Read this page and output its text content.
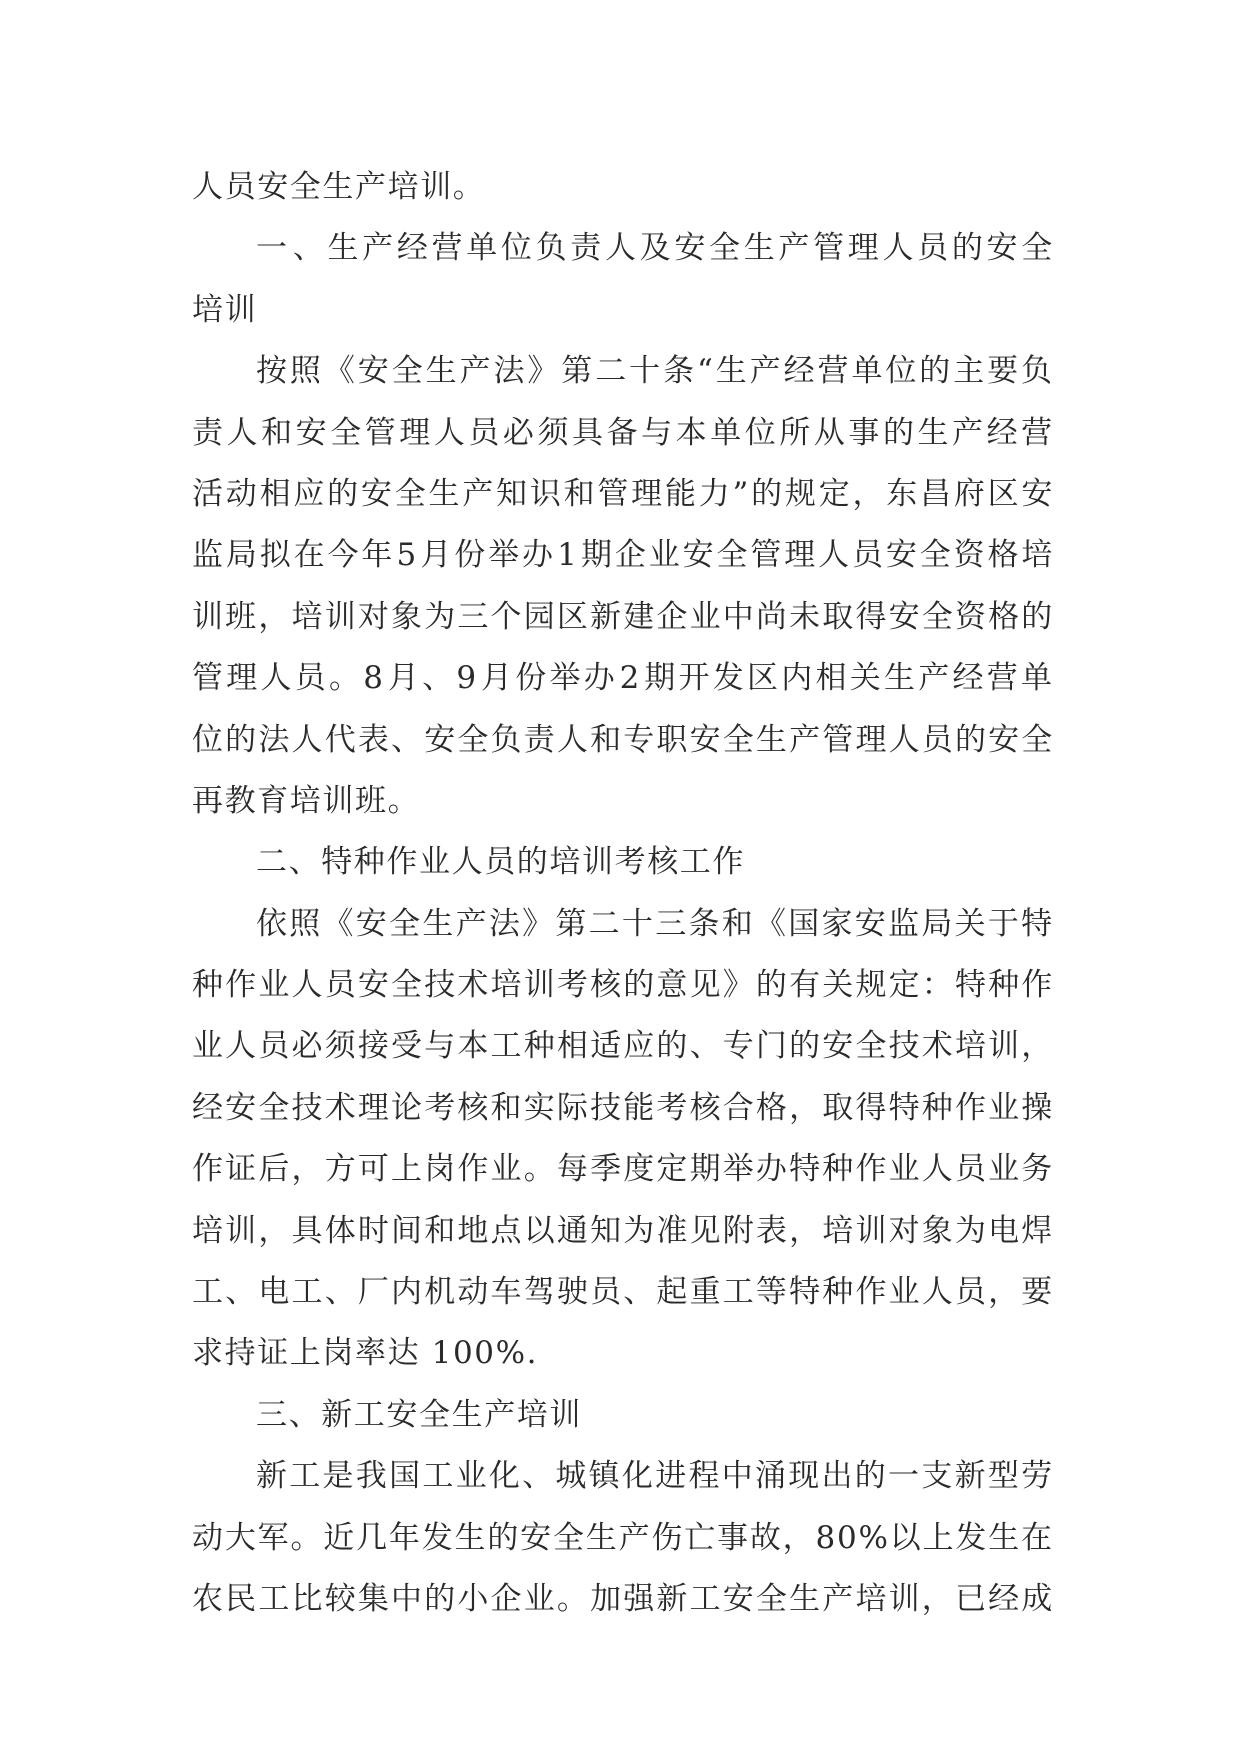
人员安全生产培训。
一 、 生 产 经 营 单 位 负 责 人 及 安 全 生 产 管 理 人 员 的 安 全
培训
按 照 《 安 全 生 产 法 》 第 二 十 条 “ 生 产 经 营 单 位 的 主 要 负
责 人 和 安 全 管 理 人 员 必 须 具 备 与 本 单 位 所 从 事 的 生 产 经 营
活 动 相 应 的 安 全 生 产 知 识 和 管 理 能 力 ” 的 规 定 ， 东 昌 府 区 安
监 局 拟 在 今 年 5 月 份 举 办 1 期 企 业 安 全 管 理 人 员 安 全 资 格 培
训 班 ， 培 训 对 象 为 三 个 园 区 新 建 企 业 中 尚 未 取 得 安 全 资 格 的
管 理 人 员 。 8 月 、 9 月 份 举 办 2 期 开 发 区 内 相 关 生 产 经 营 单
位 的 法 人 代 表 、 安 全 负 责 人 和 专 职 安 全 生 产 管 理 人 员 的 安 全
再教育培训班。
二、特种作业人员的培训考核工作
依 照 《 安 全 生 产 法 》 第 二 十 三 条 和 《 国 家 安 监 局 关 于 特
种 作 业 人 员 安 全 技 术 培 训 考 核 的 意 见 》 的 有 关 规 定 ： 特 种 作
业 人 员 必 须 接 受 与 本 工 种 相 适 应 的 、 专 门 的 安 全 技 术 培 训 ，
经 安 全 技 术 理 论 考 核 和 实 际 技 能 考 核 合 格 ， 取 得 特 种 作 业 操
作 证 后 ， 方 可 上 岗 作 业 。 每 季 度 定 期 举 办 特 种 作 业 人 员 业 务
培 训 ， 具 体 时 间 和 地 点 以 通 知 为 准 见 附 表 ， 培 训 对 象 为 电 焊
工 、 电 工 、 厂 内 机 动 车 驾 驶 员 、 起 重 工 等 特 种 作 业 人 员 ， 要
求持证上岗率达 100%.
三、新工安全生产培训
新 工 是 我 国 工 业 化 、 城 镇 化 进 程 中 涌 现 出 的 一 支 新 型 劳
动 大 军 。 近 几 年 发 生 的 安 全 生 产 伤 亡 事 故 ， 8 0 % 以 上 发 生 在
农 民 工 比 较 集 中 的 小 企 业 。 加 强 新 工 安 全 生 产 培 训 ， 已 经 成
